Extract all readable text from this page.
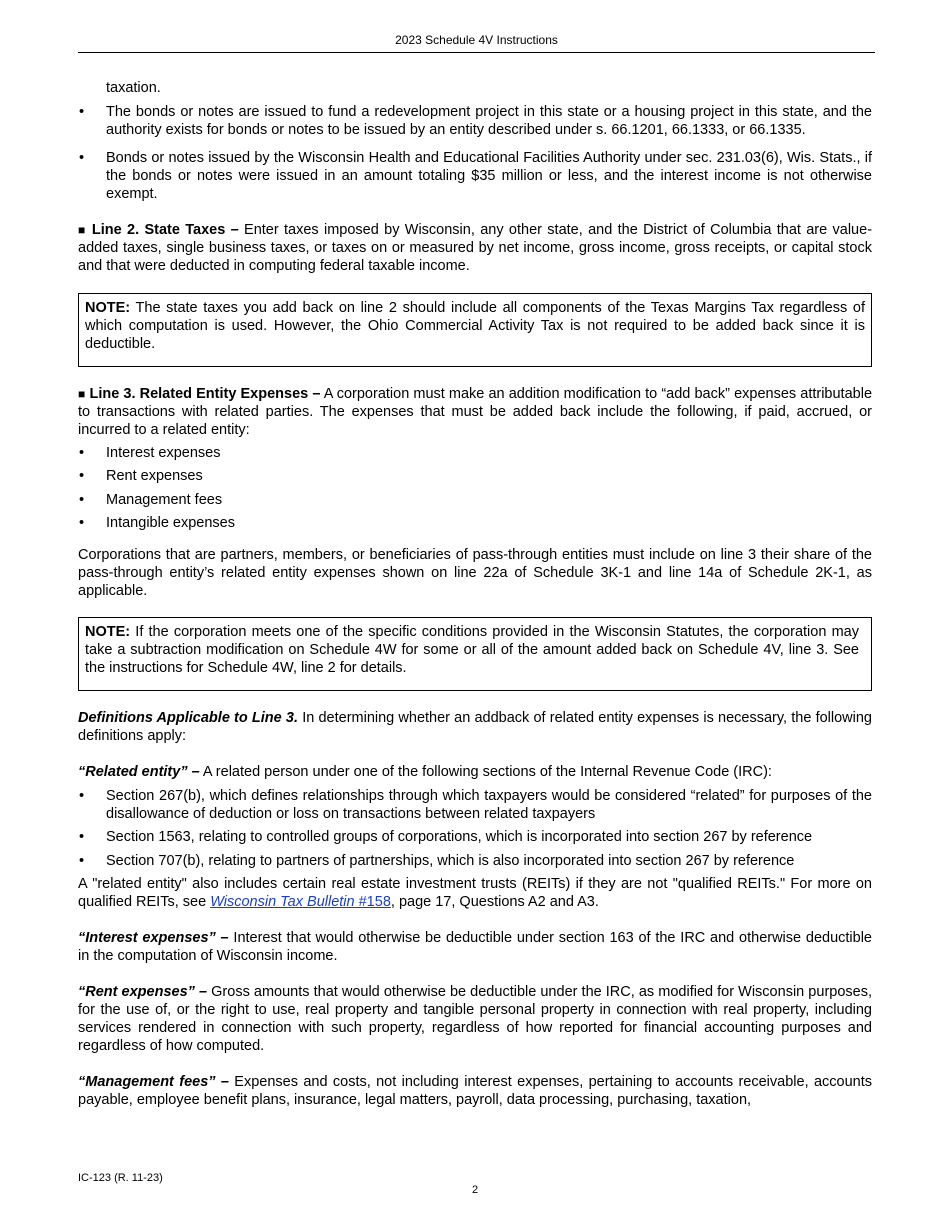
2023 Schedule 4V Instructions

taxation.

• The bonds or notes are issued to fund a redevelopment project in this state or a housing project in this state, and the authority exists for bonds or notes to be issued by an entity described under s. 66.1201, 66.1333, or 66.1335.
• Bonds or notes issued by the Wisconsin Health and Educational Facilities Authority under sec. 231.03(6), Wis. Stats., if the bonds or notes were issued in an amount totaling $35 million or less, and the interest income is not otherwise exempt.

■ Line 2. State Taxes – Enter taxes imposed by Wisconsin, any other state, and the District of Columbia that are value-added taxes, single business taxes, or taxes on or measured by net income, gross income, gross receipts, or capital stock and that were deducted in computing federal taxable income.

NOTE: The state taxes you add back on line 2 should include all components of the Texas Margins Tax regardless of which computation is used. However, the Ohio Commercial Activity Tax is not required to be added back since it is deductible.

■ Line 3. Related Entity Expenses – A corporation must make an addition modification to “add back” expenses attributable to transactions with related parties. The expenses that must be added back include the following, if paid, accrued, or incurred to a related entity:

• Interest expenses
• Rent expenses
• Management fees
• Intangible expenses

Corporations that are partners, members, or beneficiaries of pass-through entities must include on line 3 their share of the pass-through entity’s related entity expenses shown on line 22a of Schedule 3K-1 and line 14a of Schedule 2K-1, as applicable.

NOTE: If the corporation meets one of the specific conditions provided in the Wisconsin Statutes, the corporation may take a subtraction modification on Schedule 4W for some or all of the amount added back on Schedule 4V, line 3. See the instructions for Schedule 4W, line 2 for details.

Definitions Applicable to Line 3. In determining whether an addback of related entity expenses is necessary, the following definitions apply:

“Related entity” – A related person under one of the following sections of the Internal Revenue Code (IRC):

• Section 267(b), which defines relationships through which taxpayers would be considered “related” for purposes of the disallowance of deduction or loss on transactions between related taxpayers
• Section 1563, relating to controlled groups of corporations, which is incorporated into section 267 by reference
• Section 707(b), relating to partners of partnerships, which is also incorporated into section 267 by reference

A "related entity" also includes certain real estate investment trusts (REITs) if they are not "qualified REITs." For more on qualified REITs, see Wisconsin Tax Bulletin #158, page 17, Questions A2 and A3.

“Interest expenses” – Interest that would otherwise be deductible under section 163 of the IRC and otherwise deductible in the computation of Wisconsin income.

“Rent expenses” – Gross amounts that would otherwise be deductible under the IRC, as modified for Wisconsin purposes, for the use of, or the right to use, real property and tangible personal property in connection with real property, including services rendered in connection with such property, regardless of how reported for financial accounting purposes and regardless of how computed.

“Management fees” – Expenses and costs, not including interest expenses, pertaining to accounts receivable, accounts payable, employee benefit plans, insurance, legal matters, payroll, data processing, purchasing, taxation,

IC-123 (R. 11-23)
2
